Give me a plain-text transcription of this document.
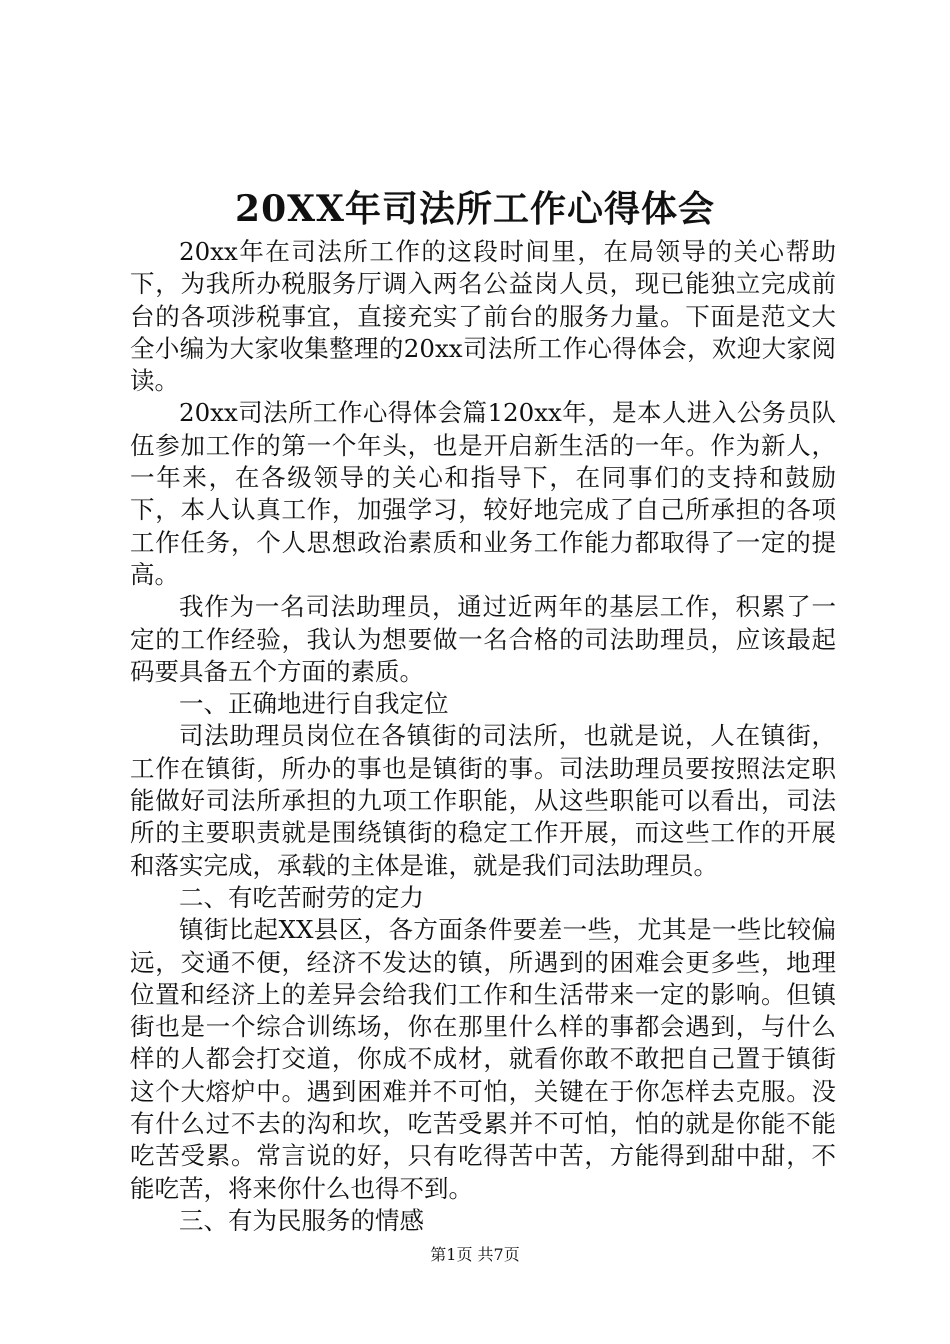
20XX年司法所工作心得体会

20xx年在司法所工作的这段时间里，在局领导的关心帮助下，为我所办税服务厅调入两名公益岗人员，现已能独立完成前台的各项涉税事宜，直接充实了前台的服务力量。下面是范文大全小编为大家收集整理的20xx司法所工作心得体会，欢迎大家阅读。

20xx司法所工作心得体会篇120xx年，是本人进入公务员队伍参加工作的第一个年头，也是开启新生活的一年。作为新人，一年来，在各级领导的关心和指导下，在同事们的支持和鼓励下，本人认真工作，加强学习，较好地完成了自己所承担的各项工作任务，个人思想政治素质和业务工作能力都取得了一定的提高。

我作为一名司法助理员，通过近两年的基层工作，积累了一定的工作经验，我认为想要做一名合格的司法助理员，应该最起码要具备五个方面的素质。

一、正确地进行自我定位

司法助理员岗位在各镇街的司法所，也就是说，人在镇街，工作在镇街，所办的事也是镇街的事。司法助理员要按照法定职能做好司法所承担的九项工作职能，从这些职能可以看出，司法所的主要职责就是围绕镇街的稳定工作开展，而这些工作的开展和落实完成，承载的主体是谁，就是我们司法助理员。

二、有吃苦耐劳的定力

镇街比起XX县区，各方面条件要差一些，尤其是一些比较偏远，交通不便，经济不发达的镇，所遇到的困难会更多些，地理位置和经济上的差异会给我们工作和生活带来一定的影响。但镇街也是一个综合训练场，你在那里什么样的事都会遇到，与什么样的人都会打交道，你成不成材，就看你敢不敢把自己置于镇街这个大熔炉中。遇到困难并不可怕，关键在于你怎样去克服。没有什么过不去的沟和坎，吃苦受累并不可怕，怕的就是你能不能吃苦受累。常言说的好，只有吃得苦中苦，方能得到甜中甜，不能吃苦，将来你什么也得不到。

三、有为民服务的情感

第1页 共7页
